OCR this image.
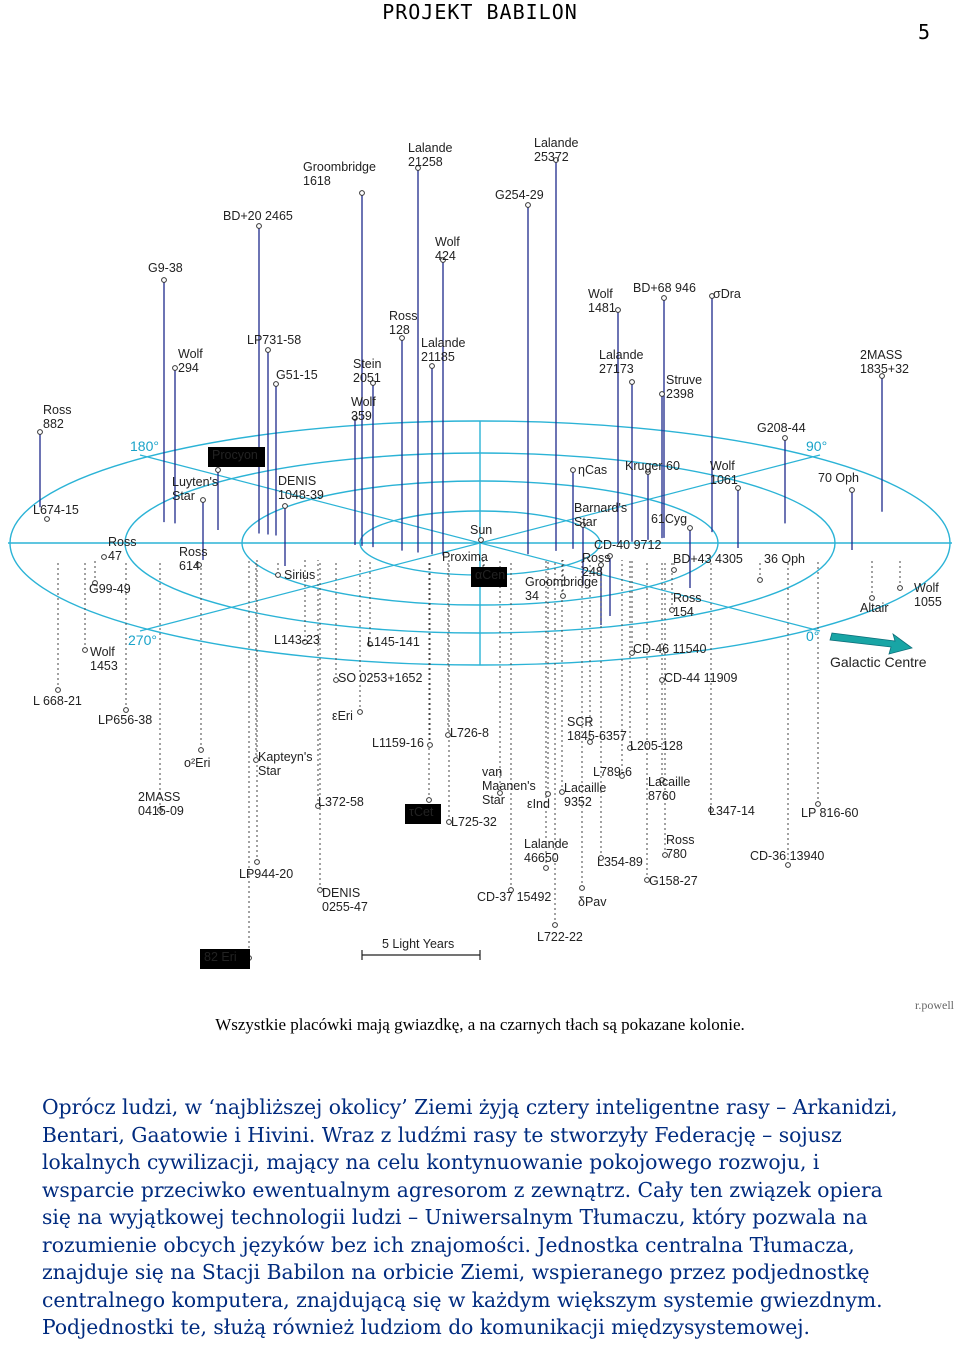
PROJEKT BABILON
5
Lalande
25372
Lalande
21258
Groombridge
1618
G254-29
BD+20 2465
Wolf
424
G9-38
Wolf
1481
BD+68 946 σDra
LP731-58
Ross
128
Wolf
294
Lalande
21185
G51-15
Stein
2051
Lalande
27173
2MASS
1835+32
Struve
2398
Wolf
359
Ross
882	G208-44
Procyon
ηCas Kruger 60 Wolf
1061	70 Oph
Luyten's
Star
DENIS
1048-39
L674-15	Barnard's
Star	61Cyg
Sun
CD-40 9712
Ross
47	Ross
614
Proxima
αCen
Ross
248
BD+43 4305 36 Oph
Sirius	Groombridge
34
G99-49	Wolf
1055
Ross
154	Altair
L143-23	L145-141	CD-46 11540
Wolf
1453
SO 0253+1652	CD-44 11909
L 668-21
LP656-38	εEri
L726-8
SCR
1845-6357
L1159-16	L205-128
Kapteyn's
Star
o²Eri
van
Maanen's
Star
L789-6
Lacaille
8760
Lacaille
9352
2MASS
0415-09
L372-58
τCet
εInd	L347-14	LP 816-60
L725-32
Lalande
46650
Ross
780
L354-89	CD-36 13940
G158-27
LP944-20
DENIS
0255-47
CD-37 15492 δPav
L722-22
82 Eri
180°	90°
270°	0°
Galactic Centre
5 Light Years
r.powell
Wszystkie placówki mają gwiazdkę, a na czarnych tłach są pokazane kolonie.

Oprócz ludzi, w ‘najbliższej okolicy’ Ziemi żyją cztery inteligentne rasy – Arkanidzi, Bentari, Gaatowie i Hivini. Wraz z ludźmi rasy te stworzyły Federację – sojusz lokalnych cywilizacji, mający na celu kontynuowanie pokojowego rozwoju, i wsparcie przeciwko ewentualnym agresorom z zewnątrz. Cały ten związek opiera się na wyjątkowej technologii ludzi – Uniwersalnym Tłumaczu, który pozwala na rozumienie obcych języków bez ich znajomości. Jednostka centralna Tłumacza, znajduje się na Stacji Babilon na orbicie Ziemi, wspieranego przez podjednostkę centralnego komputera, znajdującą się w każdym większym systemie gwiezdnym. Podjednostki te, służą również ludziom do komunikacji międzysystemowej.
